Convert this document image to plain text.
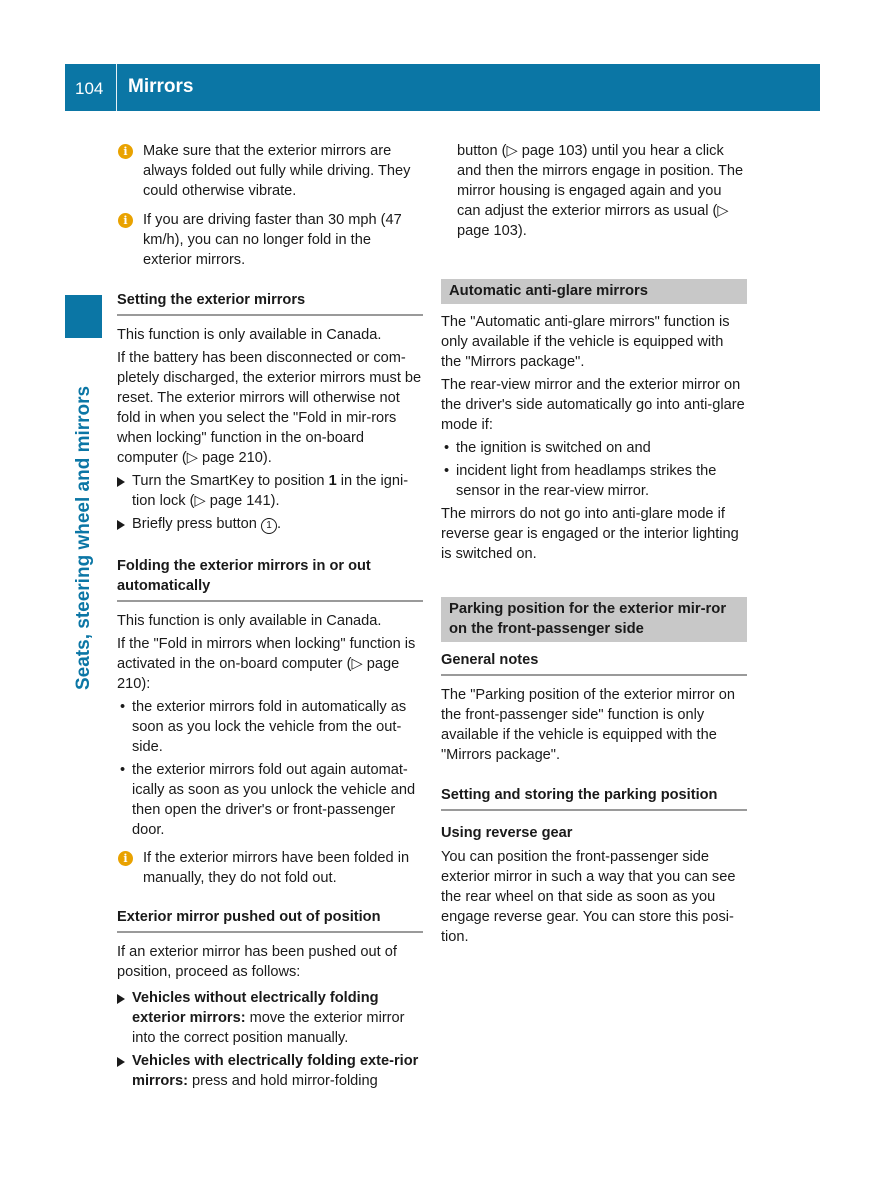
104 Mirrors
Seats, steering wheel and mirrors
i	Make sure that the exterior mirrors are always folded out fully while driving. They could otherwise vibrate.
i	If you are driving faster than 30 mph (47 km/h), you can no longer fold in the exterior mirrors.
Setting the exterior mirrors

This function is only available in Canada.

If the battery has been disconnected or com-pletely discharged, the exterior mirrors must be reset. The exterior mirrors will otherwise not fold in when you select the "Fold in mir-rors when locking" function in the on-board computer (▷ page 210).

Turn the SmartKey to position 1 in the igni-tion lock (▷ page 141).
Briefly press button 1 .
Folding the exterior mirrors in or out automatically

This function is only available in Canada.

If the "Fold in mirrors when locking" function is activated in the on-board computer (▷ page 210):

• the exterior mirrors fold in automatically as soon as you lock the vehicle from the out-side.
• the exterior mirrors fold out again automat-ically as soon as you unlock the vehicle and then open the driver's or front-passenger door.
i	If the exterior mirrors have been folded in manually, they do not fold out.
Exterior mirror pushed out of position

If an exterior mirror has been pushed out of position, proceed as follows:

Vehicles without electrically folding exterior mirrors: move the exterior mirror into the correct position manually.
Vehicles with electrically folding exte-rior mirrors: press and hold mirror-folding

button (▷ page 103) until you hear a click and then the mirrors engage in position. The mirror housing is engaged again and you can adjust the exterior mirrors as usual (▷ page 103).

Automatic anti-glare mirrors

The "Automatic anti-glare mirrors" function is only available if the vehicle is equipped with the "Mirrors package".

The rear-view mirror and the exterior mirror on the driver's side automatically go into anti-glare mode if:

• the ignition is switched on and
• incident light from headlamps strikes the sensor in the rear-view mirror.

The mirrors do not go into anti-glare mode if reverse gear is engaged or the interior lighting is switched on.

Parking position for the exterior mir-ror on the front-passenger side
General notes

The "Parking position of the exterior mirror on the front-passenger side" function is only available if the vehicle is equipped with the "Mirrors package".

Setting and storing the parking position
Using reverse gear

You can position the front-passenger side exterior mirror in such a way that you can see the rear wheel on that side as soon as you engage reverse gear. You can store this posi-tion.
